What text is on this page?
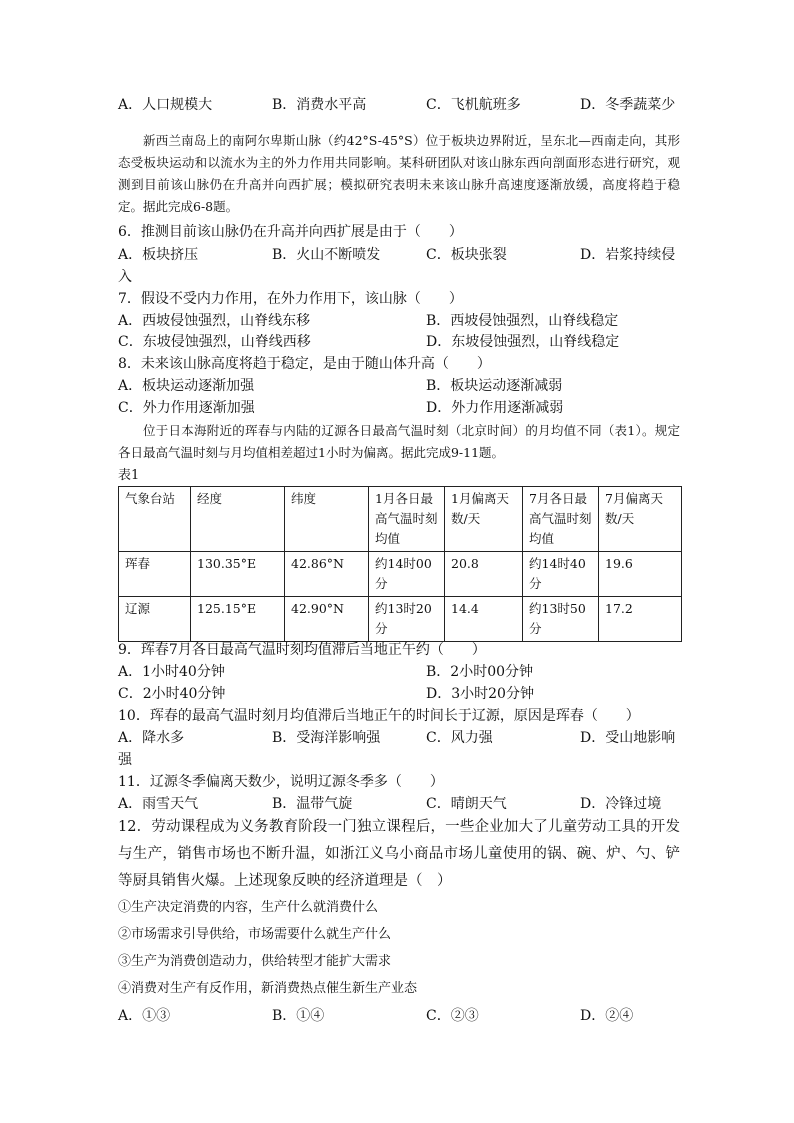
A．人口规模大	B．消费水平高	C．飞机航班多	D．冬季蔬菜少

新西兰南岛上的南阿尔卑斯山脉（约42°S-45°S）位于板块边界附近，呈东北—西南走向，其形态受板块运动和以流水为主的外力作用共同影响。某科研团队对该山脉东西向剖面形态进行研究，观测到目前该山脉仍在升高并向西扩展；模拟研究表明未来该山脉升高速度逐渐放缓，高度将趋于稳定。据此完成6-8题。

6．推测目前该山脉仍在升高并向西扩展是由于（　　）
A．板块挤压	B．火山不断喷发	C．板块张裂	D．岩浆持续侵
入
7．假设不受内力作用，在外力作用下，该山脉（　　）
A．西坡侵蚀强烈，山脊线东移	B．西坡侵蚀强烈，山脊线稳定
C．东坡侵蚀强烈，山脊线西移	D．东坡侵蚀强烈，山脊线稳定
8．未来该山脉高度将趋于稳定，是由于随山体升高（　　）
A．板块运动逐渐加强	B．板块运动逐渐减弱
C．外力作用逐渐加强	D．外力作用逐渐减弱

位于日本海附近的珲春与内陆的辽源各日最高气温时刻（北京时间）的月均值不同（表1）。规定各日最高气温时刻与月均值相差超过1小时为偏离。据此完成9-11题。

表1
气象台站	经度	纬度	1月各日最高气温时刻均值	1月偏离天数/天	7月各日最高气温时刻均值	7月偏离天数/天
珲春	130.35°E	42.86°N	约14时00分	20.8	约14时40分	19.6
辽源	125.15°E	42.90°N	约13时20分	14.4	约13时50分	17.2
9．珲春7月各日最高气温时刻均值滞后当地正午约（　　）
A．1小时40分钟	B．2小时00分钟
C．2小时40分钟	D．3小时20分钟
10．珲春的最高气温时刻月均值滞后当地正午的时间长于辽源，原因是珲春（　　）
A．降水多	B．受海洋影响强	C．风力强	D．受山地影响
强
11．辽源冬季偏离天数少，说明辽源冬季多（　　）
A．雨雪天气	B．温带气旋	C．晴朗天气	D．冷锋过境
12．劳动课程成为义务教育阶段一门独立课程后，一些企业加大了儿童劳动工具的开发与生产，销售市场也不断升温，如浙江义乌小商品市场儿童使用的锅、碗、炉、勺、铲等厨具销售火爆。上述现象反映的经济道理是（　）
①生产决定消费的内容，生产什么就消费什么
②市场需求引导供给，市场需要什么就生产什么
③生产为消费创造动力，供给转型才能扩大需求
④消费对生产有反作用，新消费热点催生新生产业态
A．①③	B．①④	C．②③	D．②④
